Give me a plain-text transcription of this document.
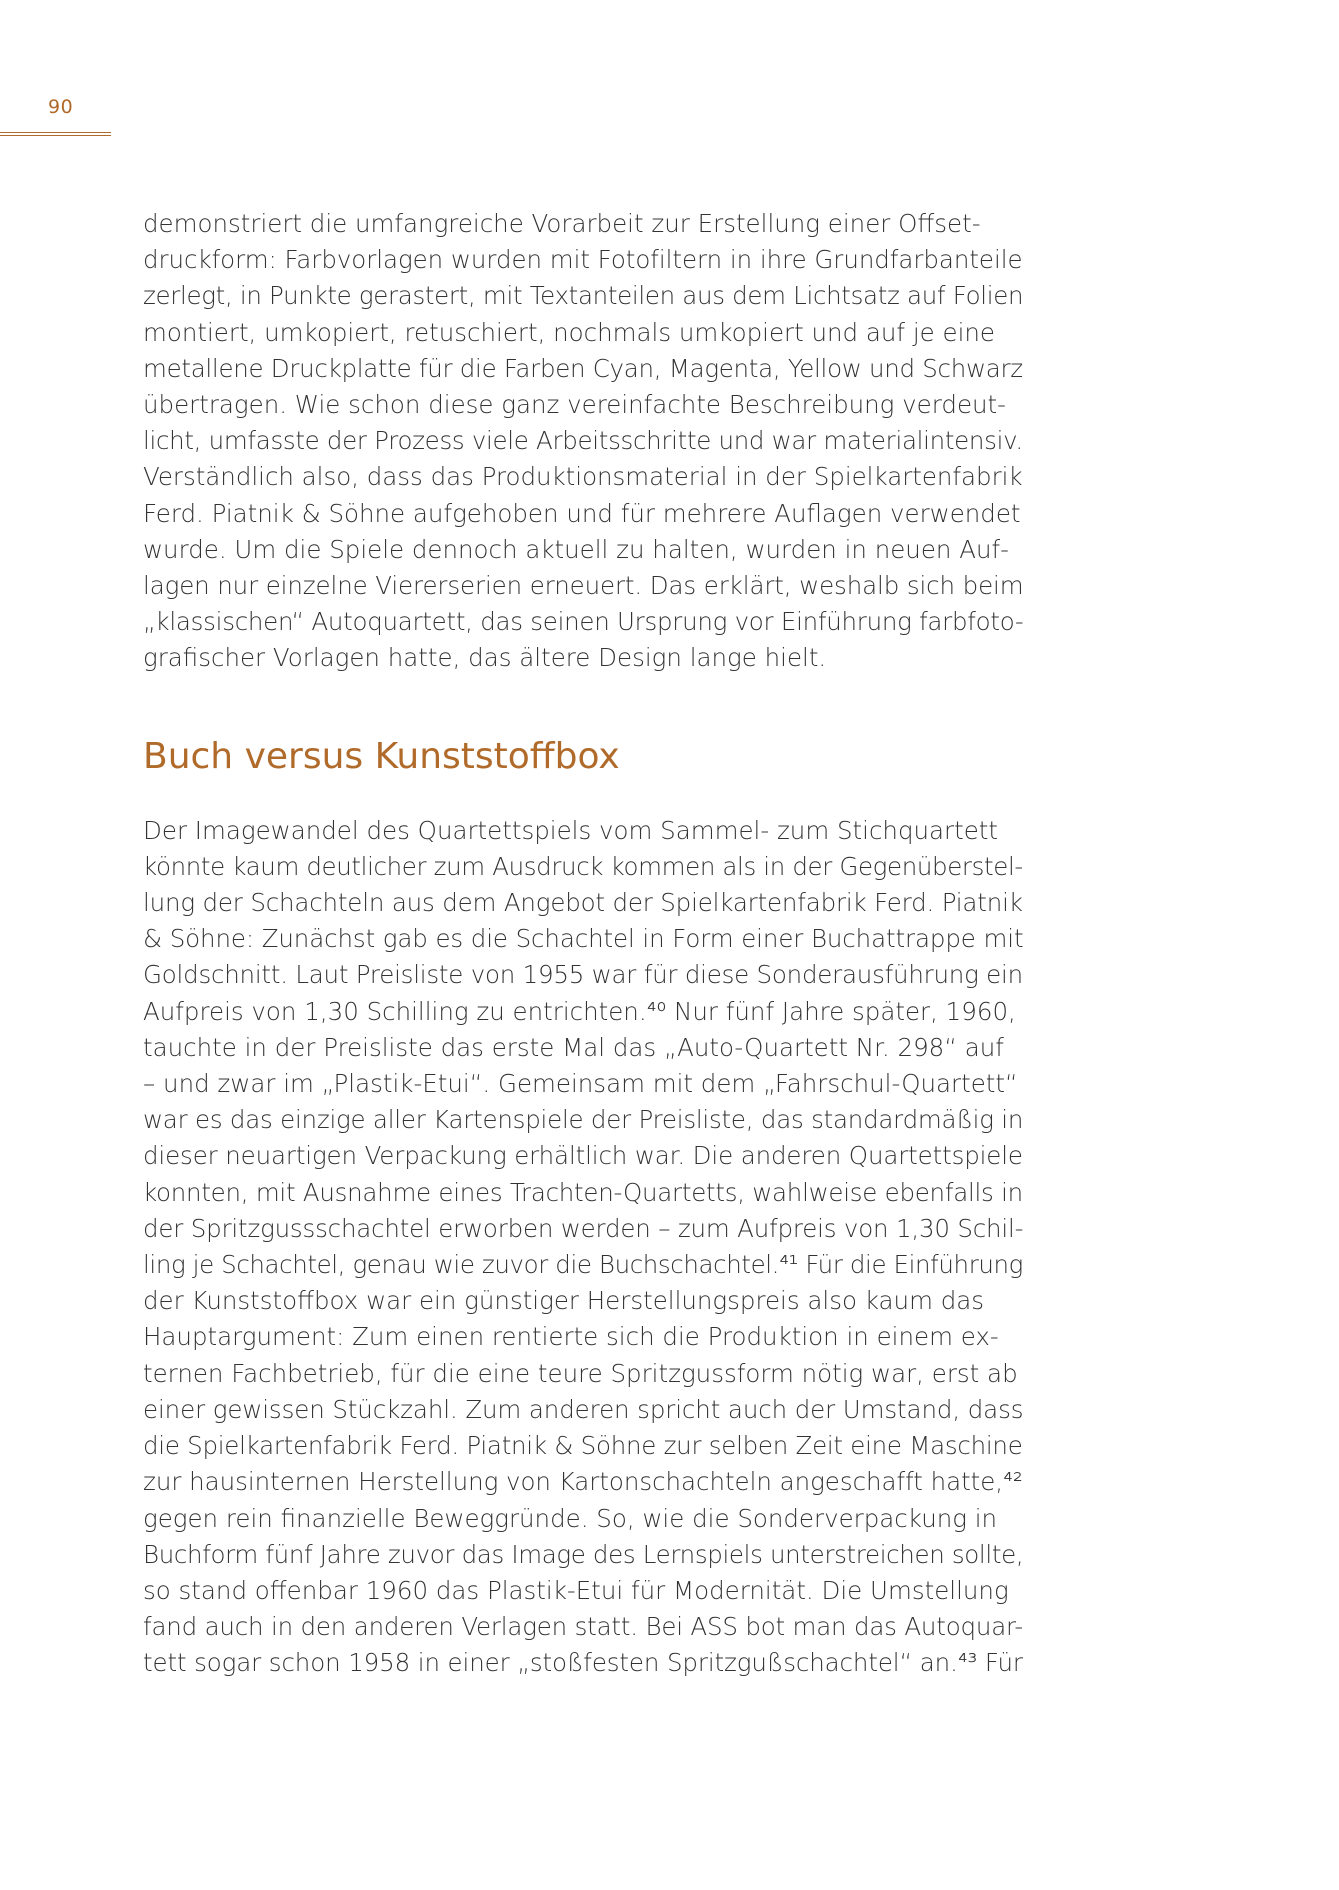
90

demonstriert die umfangreiche Vorarbeit zur Erstellung einer Offset-
druckform: Farbvorlagen wurden mit Fotofiltern in ihre Grundfarbanteile
zerlegt, in Punkte gerastert, mit Textanteilen aus dem Lichtsatz auf Folien
montiert, umkopiert, retuschiert, nochmals umkopiert und auf je eine
metallene Druckplatte für die Farben Cyan, Magenta, Yellow und Schwarz
übertragen. Wie schon diese ganz vereinfachte Beschreibung verdeut-
licht, umfasste der Prozess viele Arbeitsschritte und war materialintensiv.
Verständlich also, dass das Produktionsmaterial in der Spielkartenfabrik
Ferd. Piatnik & Söhne aufgehoben und für mehrere Auflagen verwendet
wurde. Um die Spiele dennoch aktuell zu halten, wurden in neuen Auf-
lagen nur einzelne Viererserien erneuert. Das erklärt, weshalb sich beim
„klassischen“ Autoquartett, das seinen Ursprung vor Einführung farbfoto-
grafischer Vorlagen hatte, das ältere Design lange hielt.

Buch versus Kunststoffbox

Der Imagewandel des Quartettspiels vom Sammel- zum Stichquartett
könnte kaum deutlicher zum Ausdruck kommen als in der Gegenüberstel-
lung der Schachteln aus dem Angebot der Spielkartenfabrik Ferd. Piatnik
& Söhne: Zunächst gab es die Schachtel in Form einer Buchattrappe mit
Goldschnitt. Laut Preisliste von 1955 war für diese Sonderausführung ein
Aufpreis von 1,30 Schilling zu entrichten.⁴⁰ Nur fünf Jahre später, 1960,
tauchte in der Preisliste das erste Mal das „Auto-Quartett Nr. 298“ auf
– und zwar im „Plastik-Etui“. Gemeinsam mit dem „Fahrschul-Quartett“
war es das einzige aller Kartenspiele der Preisliste, das standardmäßig in
dieser neuartigen Verpackung erhältlich war. Die anderen Quartettspiele
konnten, mit Ausnahme eines Trachten-Quartetts, wahlweise ebenfalls in
der Spritzgussschachtel erworben werden – zum Aufpreis von 1,30 Schil-
ling je Schachtel, genau wie zuvor die Buchschachtel.⁴¹ Für die Einführung
der Kunststoffbox war ein günstiger Herstellungspreis also kaum das
Hauptargument: Zum einen rentierte sich die Produktion in einem ex-
ternen Fachbetrieb, für die eine teure Spritzgussform nötig war, erst ab
einer gewissen Stückzahl. Zum anderen spricht auch der Umstand, dass
die Spielkartenfabrik Ferd. Piatnik & Söhne zur selben Zeit eine Maschine
zur hausinternen Herstellung von Kartonschachteln angeschafft hatte,⁴²
gegen rein finanzielle Beweggründe. So, wie die Sonderverpackung in
Buchform fünf Jahre zuvor das Image des Lernspiels unterstreichen sollte,
so stand offenbar 1960 das Plastik-Etui für Modernität. Die Umstellung
fand auch in den anderen Verlagen statt. Bei ASS bot man das Autoquar-
tett sogar schon 1958 in einer „stoßfesten Spritzgußschachtel“ an.⁴³ Für
